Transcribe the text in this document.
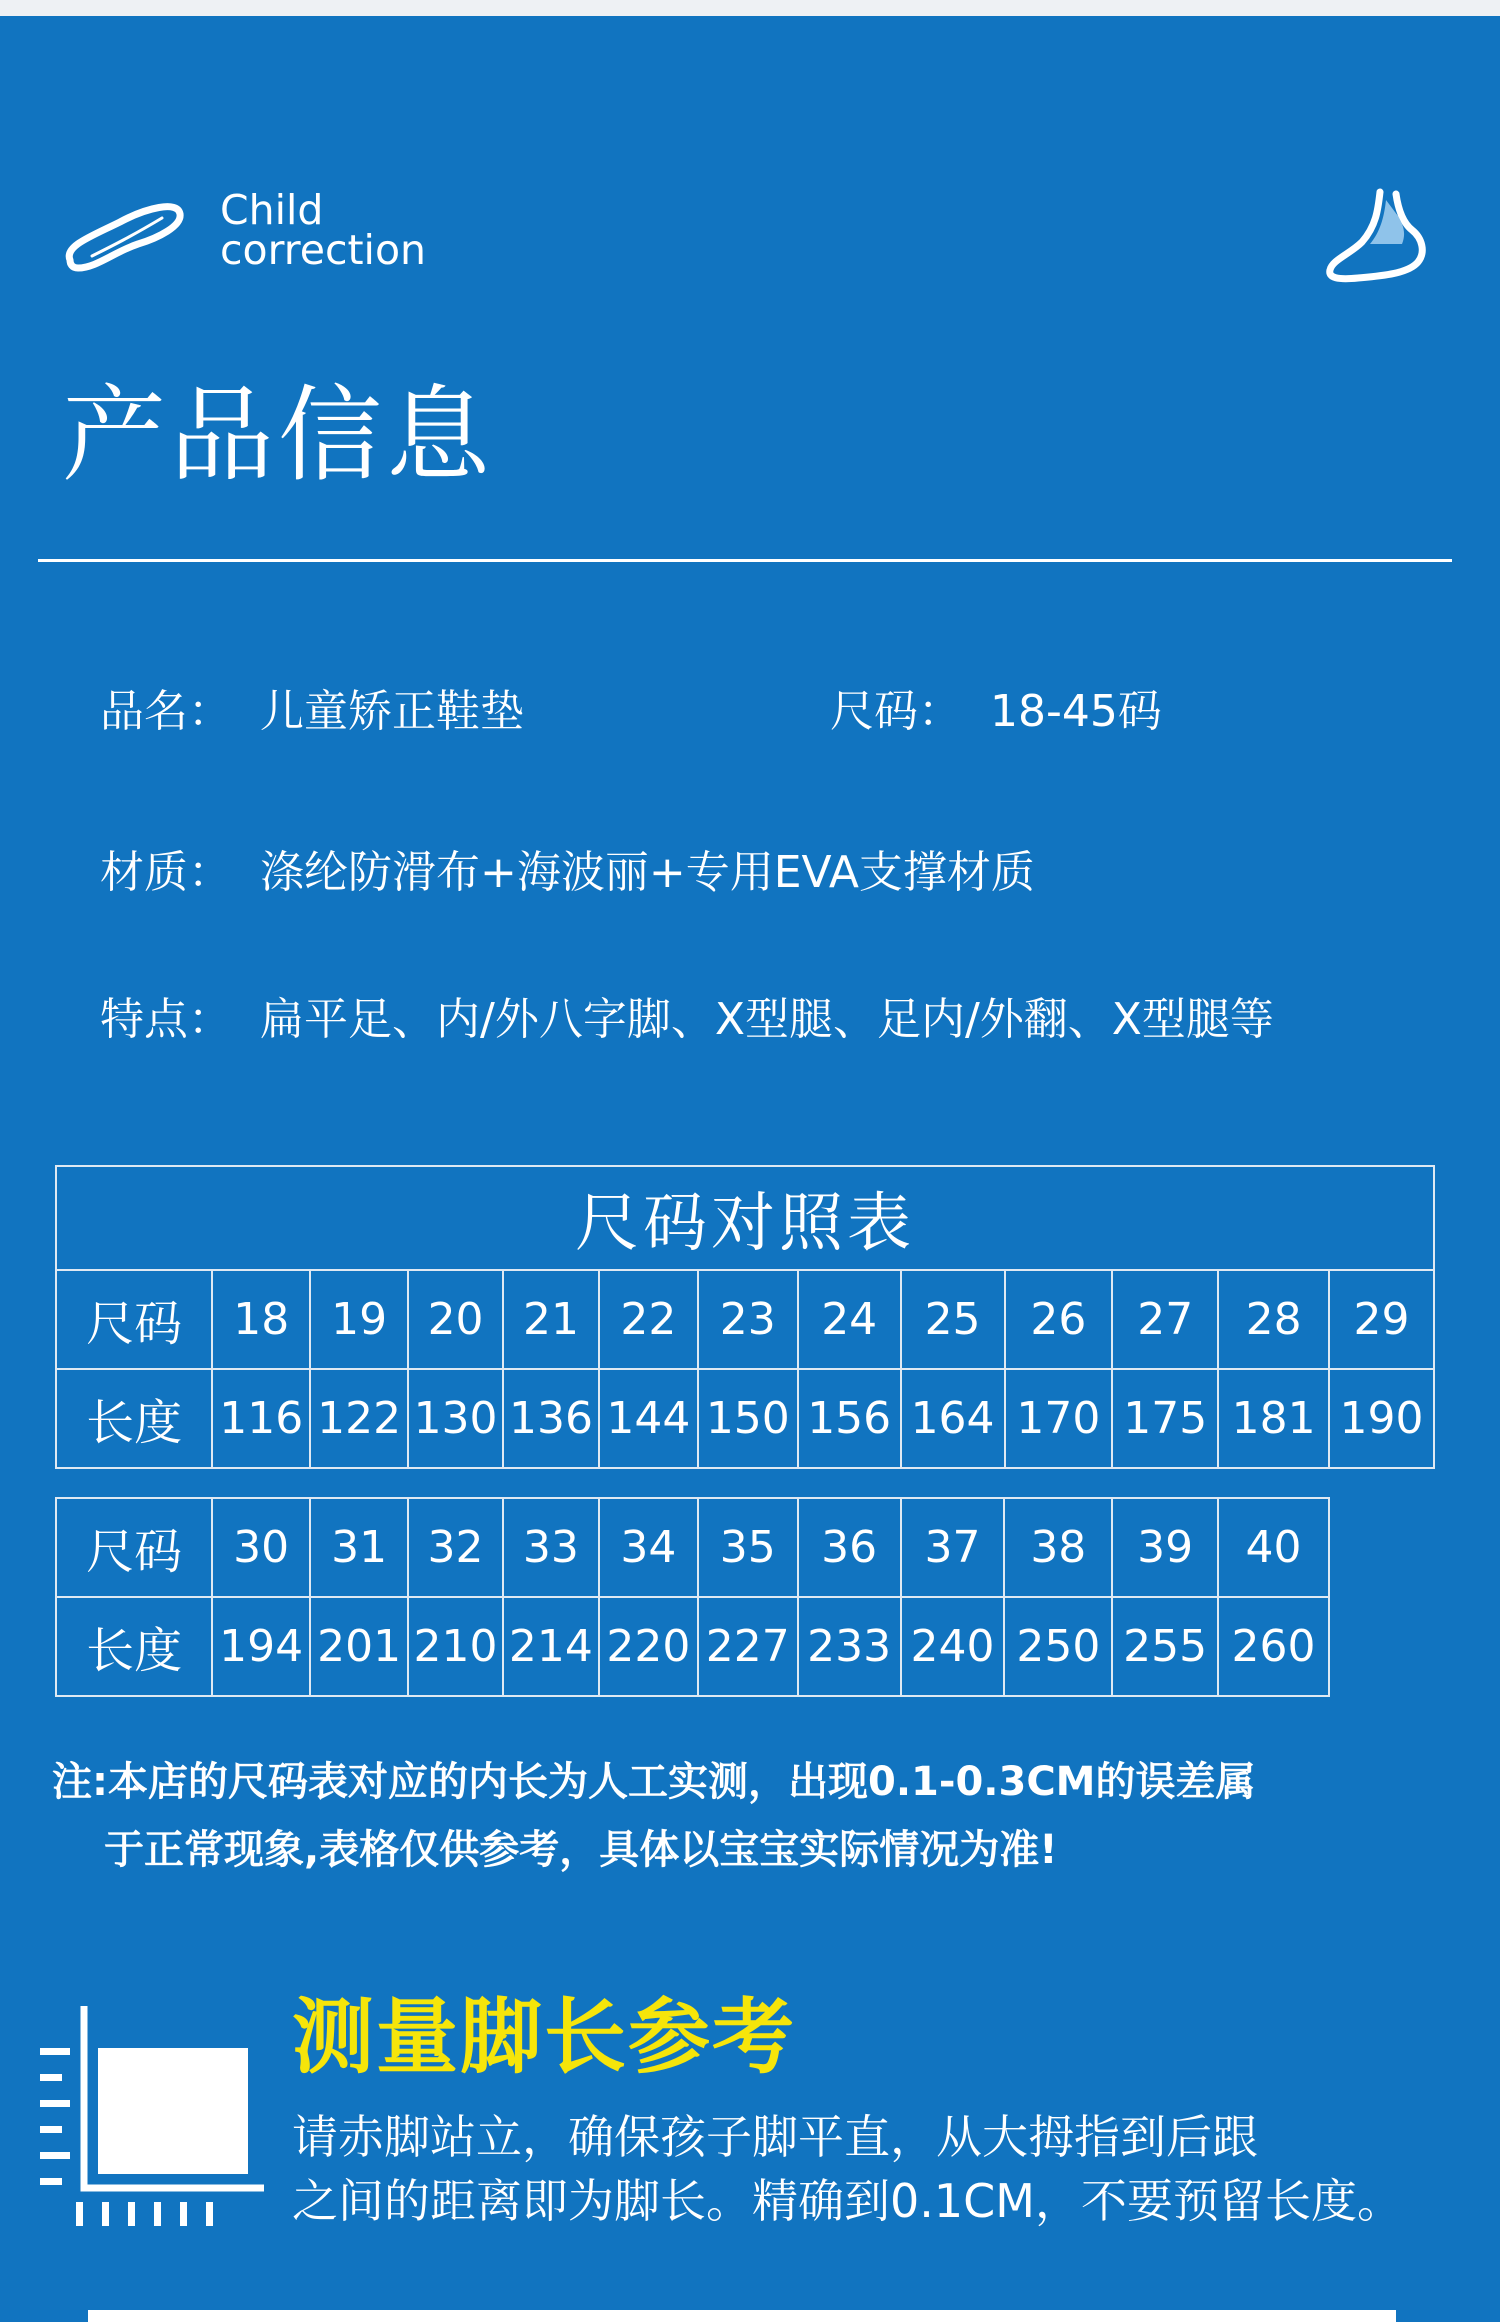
Child
correction
产品信息
品名： 儿童矫正鞋垫	尺码： 18-45码
材质： 涤纶防滑布+海波丽+专用EVA支撑材质
特点： 扁平足、内/外八字脚、X型腿、足内/外翻、X型腿等
尺码对照表												
尺码	18	19	20	21	22	23	24	25	26	27	28	29
长度	116	122	130	136	144	150	156	164	170	175	181	190
尺码	30	31	32	33	34	35	36	37	38	39	40
长度	194	201	210	214	220	227	233	240	250	255	260
注:本店的尺码表对应的内长为人工实测，出现0.1-0.3CM的误差属
于正常现象,表格仅供参考，具体以宝宝实际情况为准!
测量脚长参考
请赤脚站立，确保孩子脚平直，从大拇指到后跟
之间的距离即为脚长。精确到0.1CM，不要预留长度。
